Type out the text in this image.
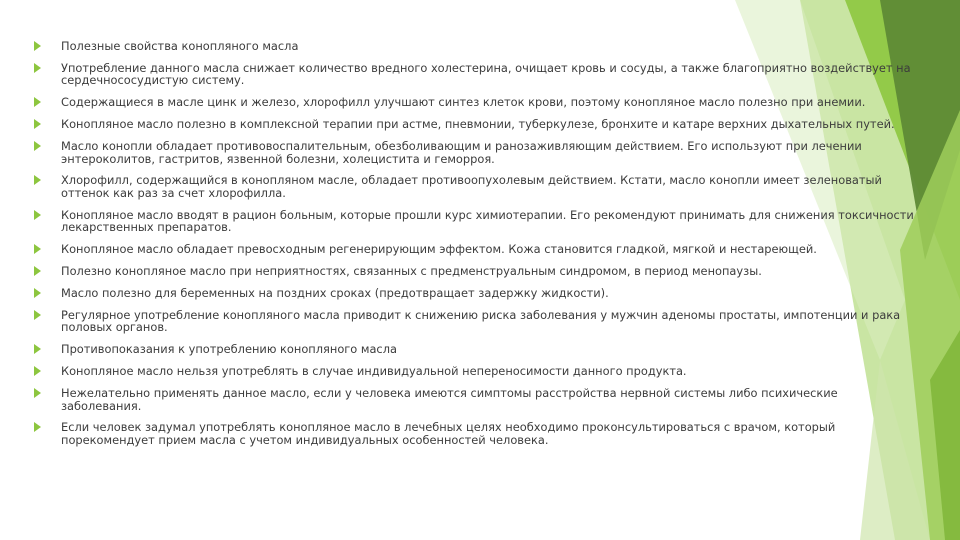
Полезные свойства конопляного масла
Употребление данного масла снижает количество вредного холестерина, очищает кровь и сосуды, а также благоприятно воздействует на сердечнососудистую систему.
Содержащиеся в масле цинк и железо, хлорофилл улучшают синтез клеток крови, поэтому конопляное масло полезно при анемии.
Конопляное масло полезно в комплексной терапии при астме, пневмонии, туберкулезе, бронхите и катаре верхних дыхательных путей.
Масло конопли обладает противовоспалительным, обезболивающим и ранозаживляющим действием. Его используют при лечении энтероколитов, гастритов, язвенной болезни, холецистита и геморроя.
Хлорофилл, содержащийся в конопляном масле, обладает противоопухолевым действием. Кстати, масло конопли имеет зеленоватый оттенок как раз за счет хлорофилла.
Конопляное масло вводят в рацион больным, которые прошли курс химиотерапии. Его рекомендуют принимать для снижения токсичности лекарственных препаратов.
Конопляное масло обладает превосходным регенерирующим эффектом. Кожа становится гладкой, мягкой и нестареющей.
Полезно конопляное масло при неприятностях, связанных с предменструальным синдромом, в период менопаузы.
Масло полезно для беременных на поздних сроках (предотвращает задержку жидкости).
Регулярное употребление конопляного масла приводит к снижению риска заболевания у мужчин аденомы простаты, импотенции и рака половых органов.
Противопоказания к употреблению конопляного масла
Конопляное масло нельзя употреблять в случае индивидуальной непереносимости данного продукта.
Нежелательно применять данное масло, если у человека имеются симптомы расстройства нервной системы либо психические заболевания.
Если человек задумал употреблять конопляное масло в лечебных целях необходимо проконсультироваться с врачом, который порекомендует прием масла с учетом индивидуальных особенностей человека.
